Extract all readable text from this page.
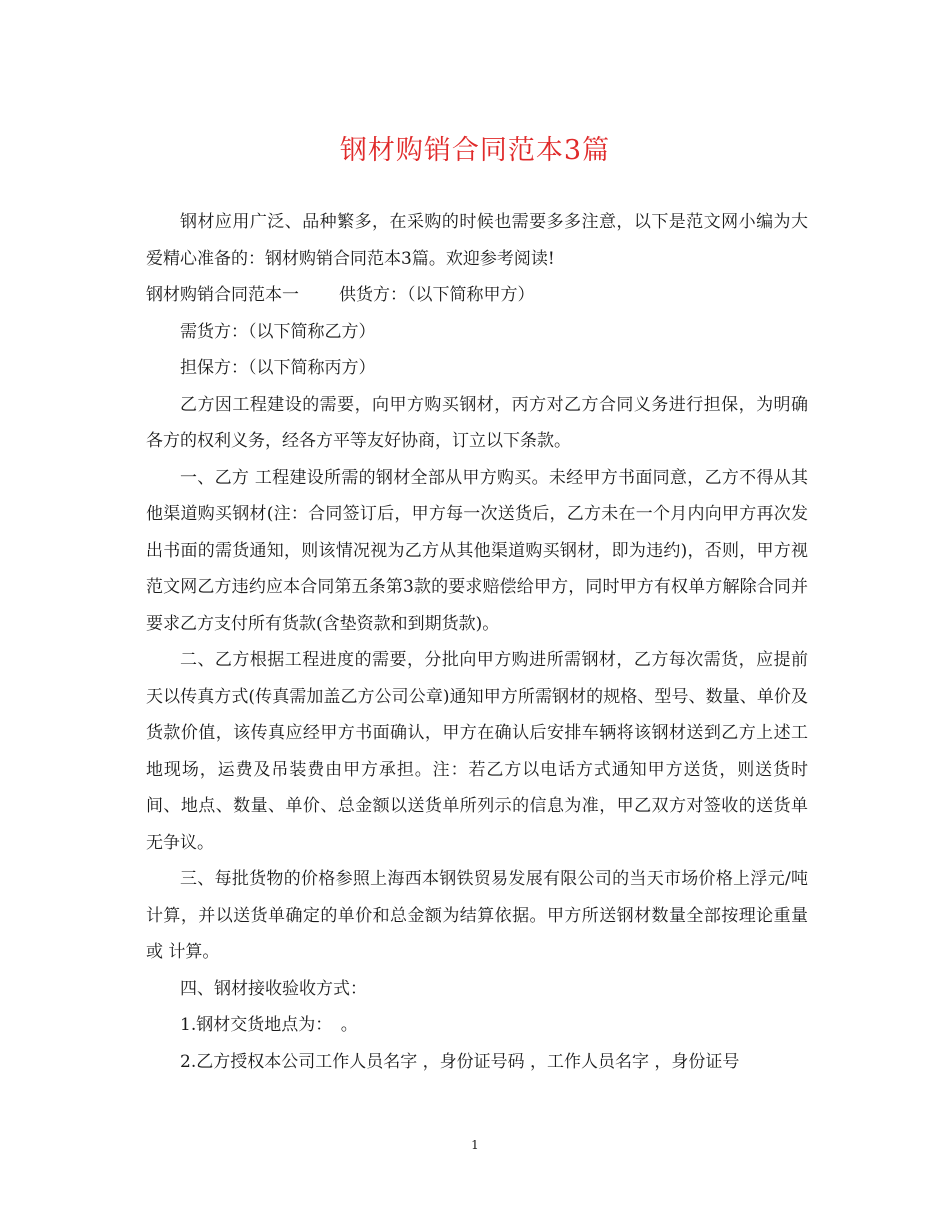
钢材购销合同范本3篇

钢材应用广泛、品种繁多，在采购的时候也需要多多注意，以下是范文网小编为大爱精心准备的：钢材购销合同范本3篇。欢迎参考阅读!

钢材购销合同范本一 供货方：（以下简称甲方）

需货方：（以下简称乙方）

担保方：（以下简称丙方）

乙方因工程建设的需要，向甲方购买钢材，丙方对乙方合同义务进行担保，为明确各方的权利义务，经各方平等友好协商，订立以下条款。

一、乙方 工程建设所需的钢材全部从甲方购买。未经甲方书面同意，乙方不得从其他渠道购买钢材(注：合同签订后，甲方每一次送货后，乙方未在一个月内向甲方再次发出书面的需货通知，则该情况视为乙方从其他渠道购买钢材，即为违约)，否则，甲方视范文网乙方违约应本合同第五条第3款的要求赔偿给甲方，同时甲方有权单方解除合同并要求乙方支付所有货款(含垫资款和到期货款)。

二、乙方根据工程进度的需要，分批向甲方购进所需钢材，乙方每次需货，应提前天以传真方式(传真需加盖乙方公司公章)通知甲方所需钢材的规格、型号、数量、单价及货款价值，该传真应经甲方书面确认，甲方在确认后安排车辆将该钢材送到乙方上述工地现场，运费及吊装费由甲方承担。注：若乙方以电话方式通知甲方送货，则送货时间、地点、数量、单价、总金额以送货单所列示的信息为准，甲乙双方对签收的送货单无争议。

三、每批货物的价格参照上海西本钢铁贸易发展有限公司的当天市场价格上浮元/吨计算，并以送货单确定的单价和总金额为结算依据。甲方所送钢材数量全部按理论重量或 计算。

四、钢材接收验收方式：

1.钢材交货地点为：　。

2.乙方授权本公司工作人员名字 ，身份证号码 ，工作人员名字 ，身份证号

1
